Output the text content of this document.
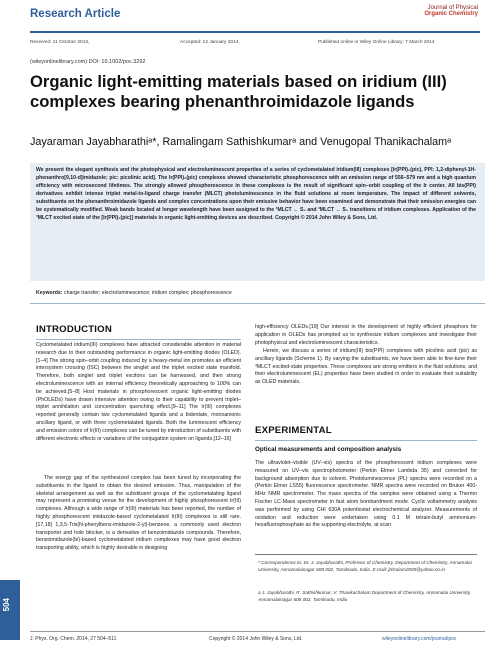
Research Article	Journal of Physical
Organic Chemistry
Received: 11 October 2013,	Accepted: 12 January 2014,	Published online in Wiley Online Library: 7 March 2014
(wileyonlinelibrary.com) DOI: 10.1002/poc.3292
Organic light-emitting materials based on iridium (III) complexes bearing phenanthroimidazole ligands
Jayaraman Jayabharathiᵃ*, Ramalingam Sathishkumarᵃ and Venugopal Thanikachalamᵃ
We present the elegant synthesis and the photophysical and electroluminescent properties of a series of cyclometalated iridium(III) complexes [Ir(PPI)₂(pic), PPI: 1,2-diphenyl-1H-phenanthro[9,10-d]imidazole; pic: picolinic acid]. The Ir(PPI)₂(pic) complexes showed characteristic phosphorescence with an emission range of 556–579 nm and a high quantum efficiency with microsecond lifetimes. The strongly allowed phosphorescence in these complexes is the result of significant spin–orbit coupling of the Ir center. All bis(PPI) derivatives exhibit intense triplet metal-to-ligand charge transfer (MLCT) photoluminescence in the fluid solutions at room temperature. The impact of different solvents, substituents on the phenanthroimidazole ligands and complex concentrations upon their emissive behavior have been examined and demonstrate that their emission energies can be systematically modified. Weak bands located at longer wavelength have been assigned to the ¹MLCT ← S₀ and ³MLCT ← S₀ transitions of iridium complexes. Application of the ³MLCT excited state of the [Ir(PPI)₂(pic)] materials in organic light-emitting devices are described. Copyright © 2014 John Wiley & Sons, Ltd.
Keywords: charge transfer; electroluminescence; iridium complex; phosphorescence
INTRODUCTION
Cyclometalated iridium(III) complexes have attracted considerable attention in material research due to their outstanding performance in organic light-emitting diodes (OLED).[1–4] The strong spin–orbit coupling induced by a heavy-metal ion promotes an efficient intersystem crossing (ISC) between the singlet and the triplet excited state manifold. Therefore, both singlet and triplet excitons can be harnessed, and then strong electroluminescence with an internal efficiency theoretically approaching to 100% can be achieved.[5–8] Host materials in phosphorescent organic light-emitting diodes (PhOLEDs) have drawn intensive attention owing to their capability to prevent triplet–triplet annihilation and concentration quenching effect.[9–11] The Ir(III) complexes reported generally contain two cyclometalated ligands and a bidentate, monoanionic ancillary ligand, or with three cyclometalated ligands. Both the luminescent efficiency and emission colors of Ir(III) complexes can be tuned by introduction of substituents with different electronic effects or variations of the conjugation system on ligands.[12–16]
The energy gap of the synthesized complex has been tuned by incorporating the substituents in the ligand to obtain the desired emission. Thus, manipulation of the skeletal arrangement as well as the substituent groups of the cyclometalating ligand may represent a promising venue for the development of highly phosphorescent Ir(III) complexes. Although a wide range of Ir(III) materials has been reported, the number of highly phosphorescent imidazole-based cyclometalated Ir(III) complexes is still rare.[17,18] 1,3,5-Tris(N-phenylbenz-imidazole-2-yl)-benzene, a commonly used electron transporter and hole blocker, is a derivative of benzoimidazole compounds. Therefore, benzoimidazole(bi)-based cyclometalated iridium complexes may have good electron transporting ability, which is highly desirable in designing
high-efficiency OLEDs.[19] Our interest in the development of highly efficient phosphors for application in OLEDs has prompted us to synthesize iridium complexes and investigate their photophysical and electroluminescent characteristics.
Herein, we discuss a series of iridium(III) bis(PPI) complexes with picolinic acid (pic) as ancillary ligands (Scheme 1). By varying the substituents, we have been able to fine-tune their ³MLCT excited-state properties. These complexes are strong emitters in the fluid solutions, and their electroluminescent (EL) properties have been studied in order to evaluate their suitability as OLED materials.
EXPERIMENTAL
Optical measurements and composition analysis
The ultraviolet–visible (UV–vis) spectra of the phosphorescent iridium complexes were measured on UV–vis spectrophotometer (Perkin Elmer Lambda 35) and corrected for background absorption due to solvent. Photoluminescence (PL) spectra were recorded on a (Perkin Elmer LS55) fluorescence spectrometer. NMR spectra were recorded on Bruker 400-MHz NMR spectrometer. The mass spectra of the samples were obtained using a Thermo Fischer LC-Mass spectrometer in fast atom bombardment mode. Cyclic voltammetry analysis was performed by using CHI 630A potentiostat electrochemical analyzer. Measurements of oxidation and reduction were undertaken using 0.1 M tetrain-butyl ammonium-hexafluorophosphate as the supporting electrolyte, at scan
* Correspondence to: Dr. J. Jayabharathi, Professor of Chemistry, Department of Chemistry, Annamalai University, Annamalainagar 608 002, Tamilnadu, India. E-mail: jtchalam2005@yahoo.co.in
a J. Jayabharathi, R. Sathishkumar, V. Thanikachalam Department of Chemistry, Annamalai University, Annamalainagar 608 002, Tamilnadu, India
504
J. Phys. Org. Chem. 2014, 27 504–511	Copyright © 2014 John Wiley & Sons, Ltd.	wileyonlinelibrary.com/journal/poc
